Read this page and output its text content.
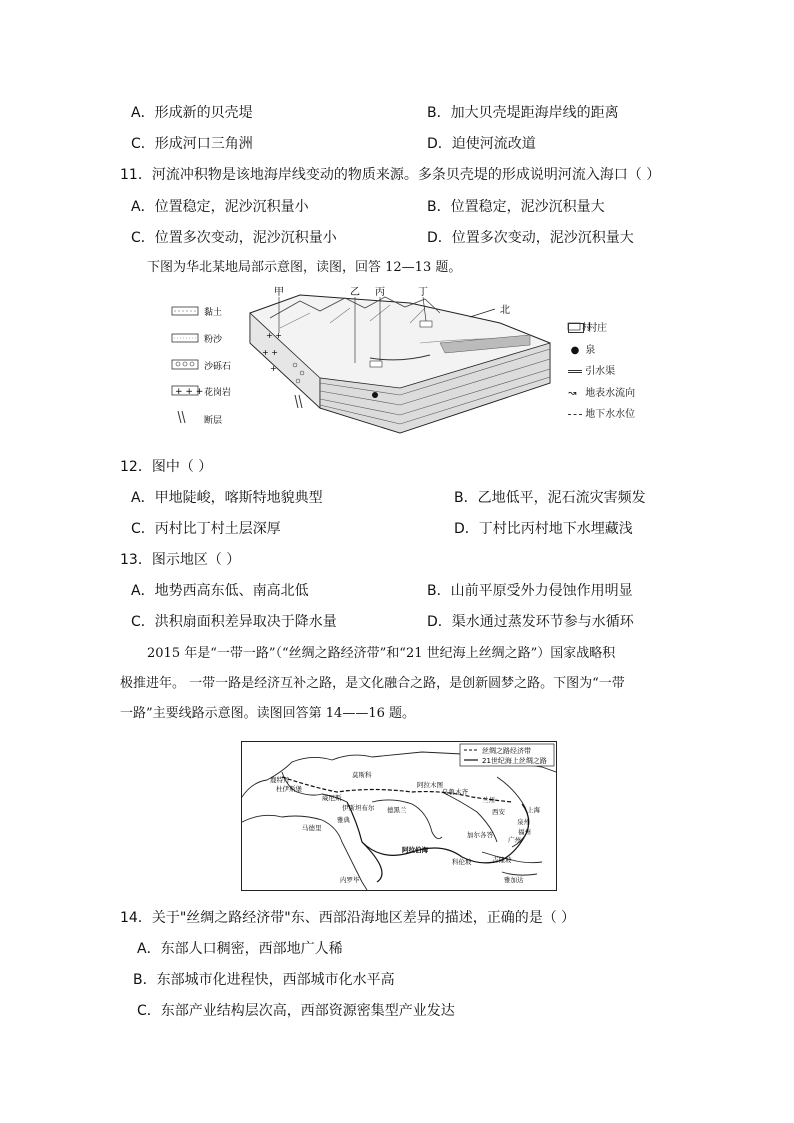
A．形成新的贝壳堤	B．加大贝壳堤距海岸线的距离
C．形成河口三角洲	D．迫使河流改道
11．河流冲积物是该地海岸线变动的物质来源。多条贝壳堤的形成说明河流入海口（ ）
A．位置稳定，泥沙沉积量小	B．位置稳定，泥沙沉积量大
C．位置多次变动，泥沙沉积量小	D．位置多次变动，泥沙沉积量大
下图为华北某地局部示意图，读图，回答 12—13 题。
黏土
粉沙
沙砾石
+ + + 花岗岩
断层
+ +
+ +
+
甲	乙 丙	丁
北
村
村庄
● 泉
引水渠
↝ 地表水流向
地下水水位
12．图中（ ）
A．甲地陡峻，喀斯特地貌典型	B．乙地低平，泥石流灾害频发
C．丙村比丁村土层深厚	D．丁村比丙村地下水埋藏浅
13．图示地区（ ）
A．地势西高东低、南高北低	B．山前平原受外力侵蚀作用明显
C．洪积扇面积差异取决于降水量	D．渠水通过蒸发环节参与水循环
2015 年是“一带一路”（“丝绸之路经济带”和“21 世纪海上丝绸之路”）国家战略积
极推进年。 一带一路是经济互补之路，是文化融合之路，是创新圆梦之路。下图为“一带
一路”主要线路示意图。读图回答第 14——16 题。
丝绸之路经济带
21世纪海上丝绸之路
鹿特丹
杜伊斯堡
威尼斯
莫斯科
伊斯坦布尔 德黑兰
阿拉木图
乌鲁木齐
兰州
西安
泉州
上海
福州
广州
雅典
马德里
吉隆坡
雅加达
科伦坡
加尔各答
阿拉伯海
内罗毕
14．关于"丝绸之路经济带"东、西部沿海地区差异的描述，正确的是（ ）
A．东部人口稠密，西部地广人稀
B．东部城市化进程快，西部城市化水平高
C．东部产业结构层次高，西部资源密集型产业发达
